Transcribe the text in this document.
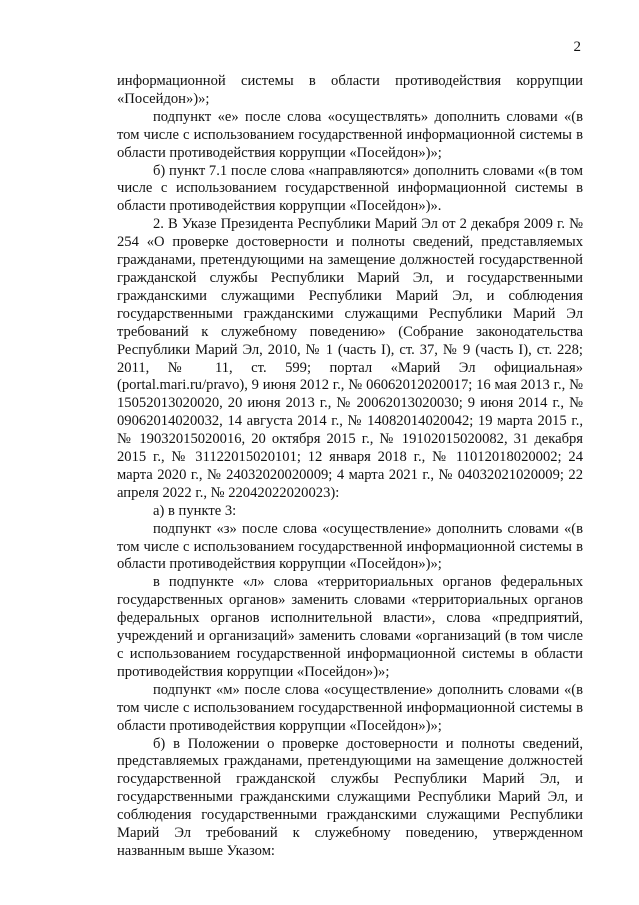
2

информационной системы в области противодействия коррупции «Посейдон»)»;

подпункт «е» после слова «осуществлять» дополнить словами «(в том числе с использованием государственной информационной системы в области противодействия коррупции «Посейдон»)»;

б) пункт 7.1 после слова «направляются» дополнить словами «(в том числе с использованием государственной информационной системы в области противодействия коррупции «Посейдон»)».

2. В Указе Президента Республики Марий Эл от 2 декабря 2009 г. № 254 «О проверке достоверности и полноты сведений, представляемых гражданами, претендующими на замещение должностей государственной гражданской службы Республики Марий Эл, и государственными гражданскими служащими Республики Марий Эл, и соблюдения государственными гражданскими служащими Республики Марий Эл требований к служебному поведению» (Собрание законодательства Республики Марий Эл, 2010, № 1 (часть I), ст. 37, № 9 (часть I), ст. 228; 2011, № 11, ст. 599; портал «Марий Эл официальная» (portal.mari.ru/pravo), 9 июня 2012 г., № 06062012020017; 16 мая 2013 г., № 15052013020020, 20 июня 2013 г., № 20062013020030; 9 июня 2014 г., № 09062014020032, 14 августа 2014 г., № 14082014020042; 19 марта 2015 г., № 19032015020016, 20 октября 2015 г., № 19102015020082, 31 декабря 2015 г., № 31122015020101; 12 января 2018 г., № 11012018020002; 24 марта 2020 г., № 24032020020009; 4 марта 2021 г., № 04032021020009; 22 апреля 2022 г., № 22042022020023):

а) в пункте 3:

подпункт «з» после слова «осуществление» дополнить словами «(в том числе с использованием государственной информационной системы в области противодействия коррупции «Посейдон»)»;

в подпункте «л» слова «территориальных органов федеральных государственных органов» заменить словами «территориальных органов федеральных органов исполнительной власти», слова «предприятий, учреждений и организаций» заменить словами «организаций (в том числе с использованием государственной информационной системы в области противодействия коррупции «Посейдон»)»;

подпункт «м» после слова «осуществление» дополнить словами «(в том числе с использованием государственной информационной системы в области противодействия коррупции «Посейдон»)»;

б) в Положении о проверке достоверности и полноты сведений, представляемых гражданами, претендующими на замещение должностей государственной гражданской службы Республики Марий Эл, и государственными гражданскими служащими Республики Марий Эл, и соблюдения государственными гражданскими служащими Республики Марий Эл требований к служебному поведению, утвержденном названным выше Указом:
